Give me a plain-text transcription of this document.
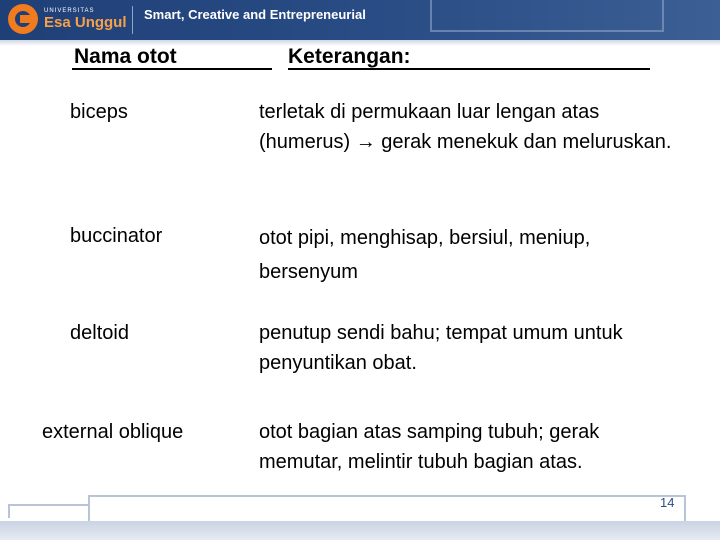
UNIVERSITAS
Esa Unggul Smart, Creative and Entrepreneurial
Nama otot	Keterangan:
biceps	terletak di permukaan luar lengan atas (humerus) → gerak menekuk dan meluruskan.
buccinator	otot pipi, menghisap, bersiul, meniup, bersenyum
deltoid	penutup sendi bahu; tempat umum untuk penyuntikan obat.
external oblique	otot bagian atas samping tubuh; gerak memutar, melintir tubuh bagian atas.
14
